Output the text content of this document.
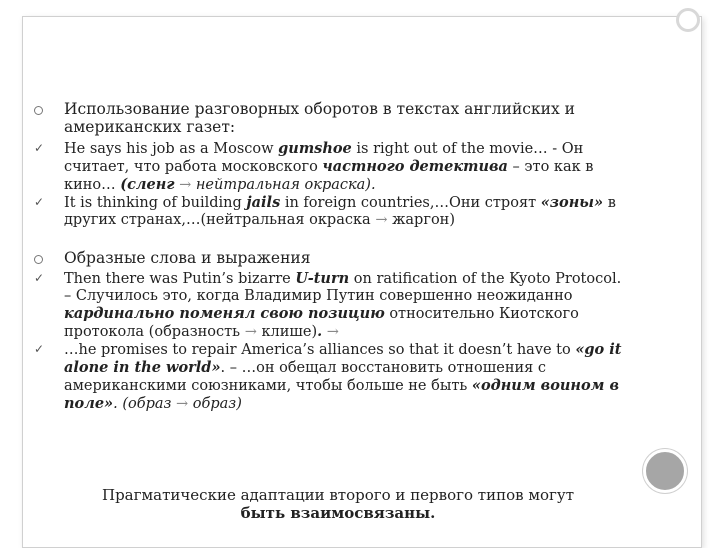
Использование разговорных оборотов в текстах английских и американских газет:
✓ He says his job as a Moscow gumshoe is right out of the movie… - Он считает, что работа московского частного детектива – это как в кино… (сленг → нейтральная окраска).
✓ It is thinking of building jails in foreign countries,…Они строят «зоны» в других странах,…(нейтральная окраска → жаргон)
Образные слова и выражения
✓ Then there was Putin’s bizarre U-turn on ratification of the Kyoto Protocol. – Случилось это, когда Владимир Путин совершенно неожиданно кардинально поменял свою позицию относительно Киотского протокола (образность → клише). →
✓ …he promises to repair America’s alliances so that it doesn’t have to «go it alone in the world». – …он обещал восстановить отношения с американскими союзниками, чтобы больше не быть «одним воином в поле». (образ → образ)
Прагматические адаптации второго и первого типов могут
быть взаимосвязаны.
